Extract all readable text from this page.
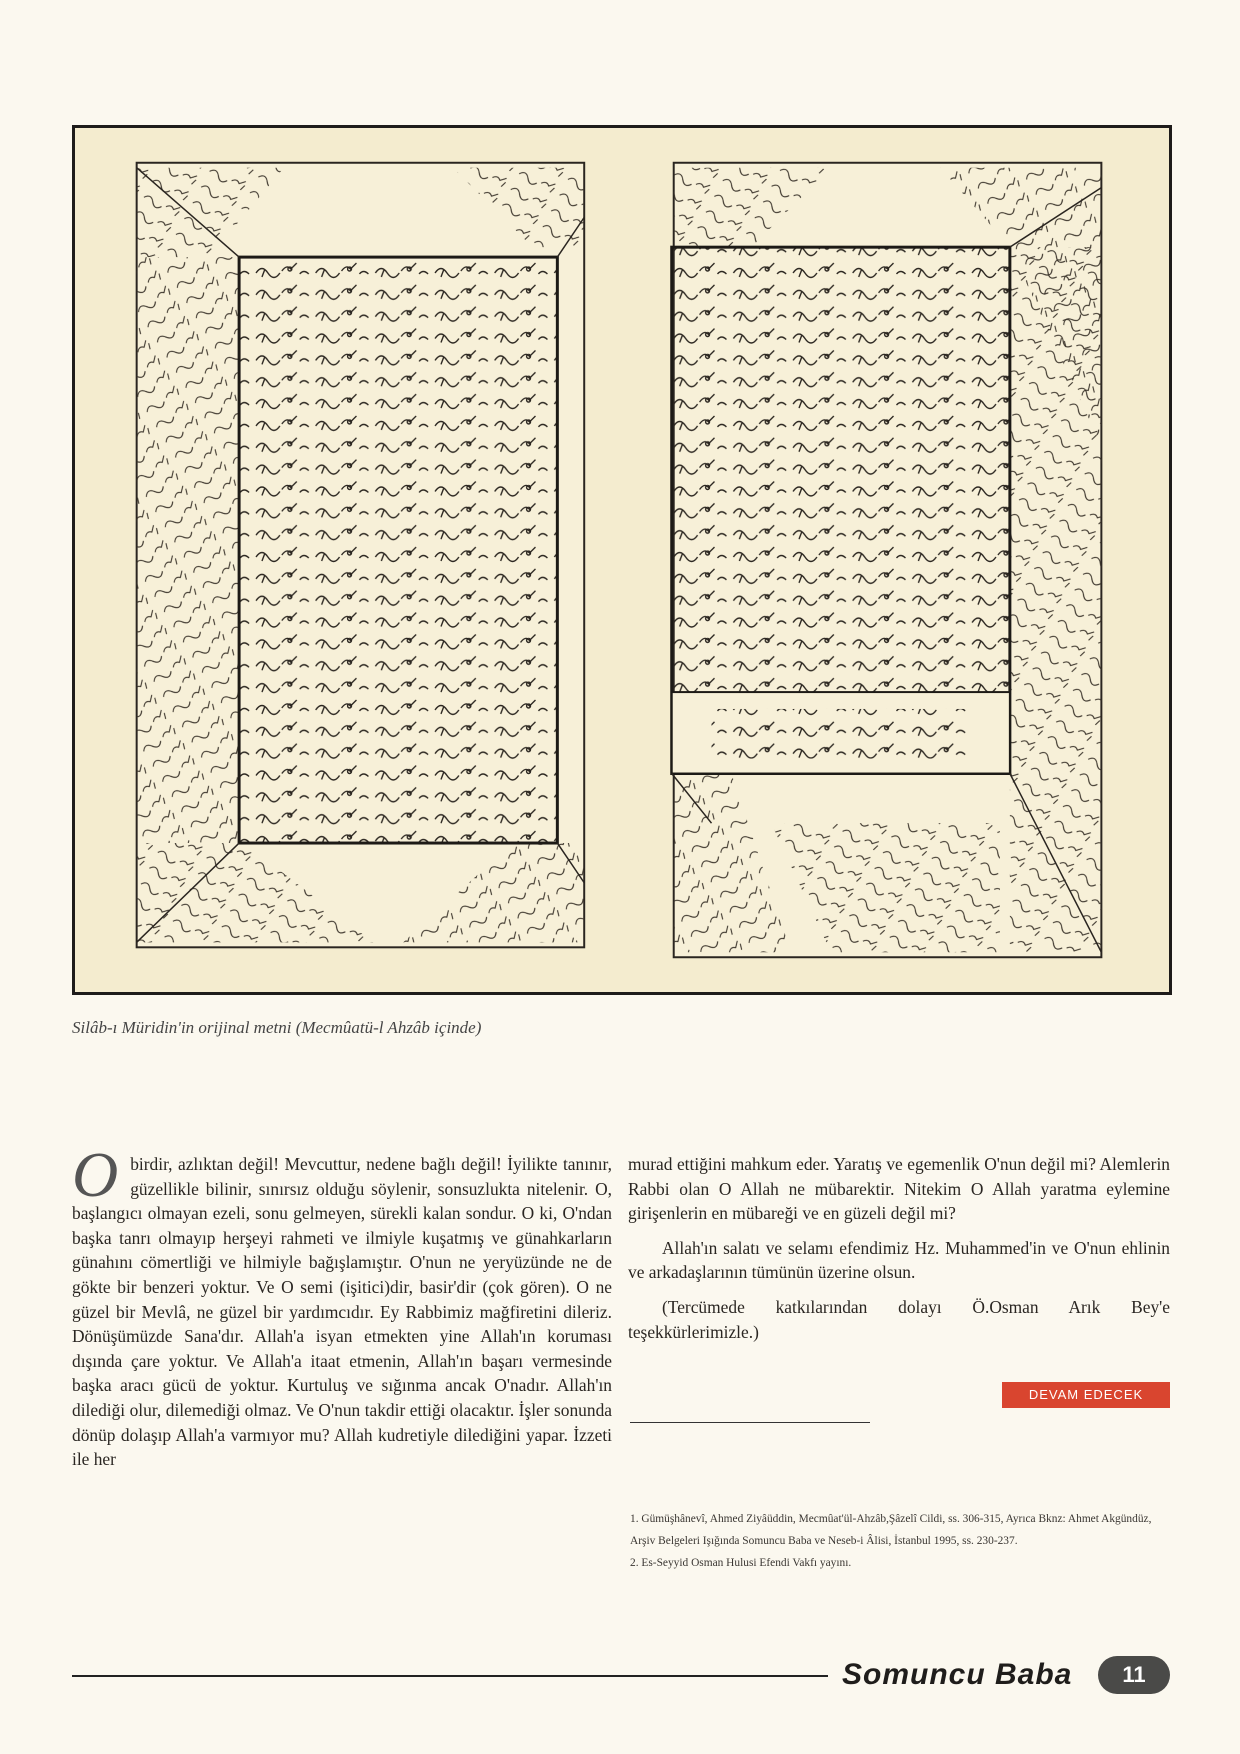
Silâb-ı Müridin'in orijinal metni (Mecmûatü-l Ahzâb içinde)

Obirdir, azlıktan değil! Mevcuttur, nedene bağlı değil! İyilikte tanınır, güzellikle bilinir, sınırsız olduğu söylenir, sonsuzlukta nitelenir. O, başlangıcı olmayan ezeli, sonu gelmeyen, sürekli kalan sondur. O ki, O'ndan başka tanrı olmayıp herşeyi rahmeti ve ilmiyle kuşatmış ve günahkarların günahını cömertliği ve hilmiyle bağışlamıştır. O'nun ne yeryüzünde ne de gökte bir benzeri yoktur. Ve O semi (işitici)dir, basir'dir (çok gören). O ne güzel bir Mevlâ, ne güzel bir yardımcıdır. Ey Rabbimiz mağfiretini dileriz. Dönüşümüzde Sana'dır. Allah'a isyan etmekten yine Allah'ın koruması dışında çare yoktur. Ve Allah'a itaat etmenin, Allah'ın başarı vermesinde başka aracı gücü de yoktur. Kurtuluş ve sığınma ancak O'nadır. Allah'ın dilediği olur, dilemediği olmaz. Ve O'nun takdir ettiği olacaktır. İşler sonunda dönüp dolaşıp Allah'a varmıyor mu? Allah kudretiyle dilediğini yapar. İzzeti ile her

murad ettiğini mahkum eder. Yaratış ve egemenlik O'nun değil mi? Alemlerin Rabbi olan O Allah ne mübarektir. Nitekim O Allah yaratma eylemine girişenlerin en mübareği ve en güzeli değil mi?

Allah'ın salatı ve selamı efendimiz Hz. Muhammed'in ve O'nun ehlinin ve arkadaşlarının tümünün üzerine olsun.

(Tercümede katkılarından dolayı Ö.Osman Arık Bey'e teşekkürlerimizle.)

DEVAM EDECEK

1. Gümüşhânevî, Ahmed Ziyâüddin, Mecmûat'ül-Ahzâb,Şâzelî Cildi, ss. 306-315, Ayrıca Bknz: Ahmet Akgündüz, Arşiv Belgeleri Işığında Somuncu Baba ve Neseb-i Âlisi, İstanbul 1995, ss. 230-237.

2. Es-Seyyid Osman Hulusi Efendi Vakfı yayını.

Somuncu Baba	11
